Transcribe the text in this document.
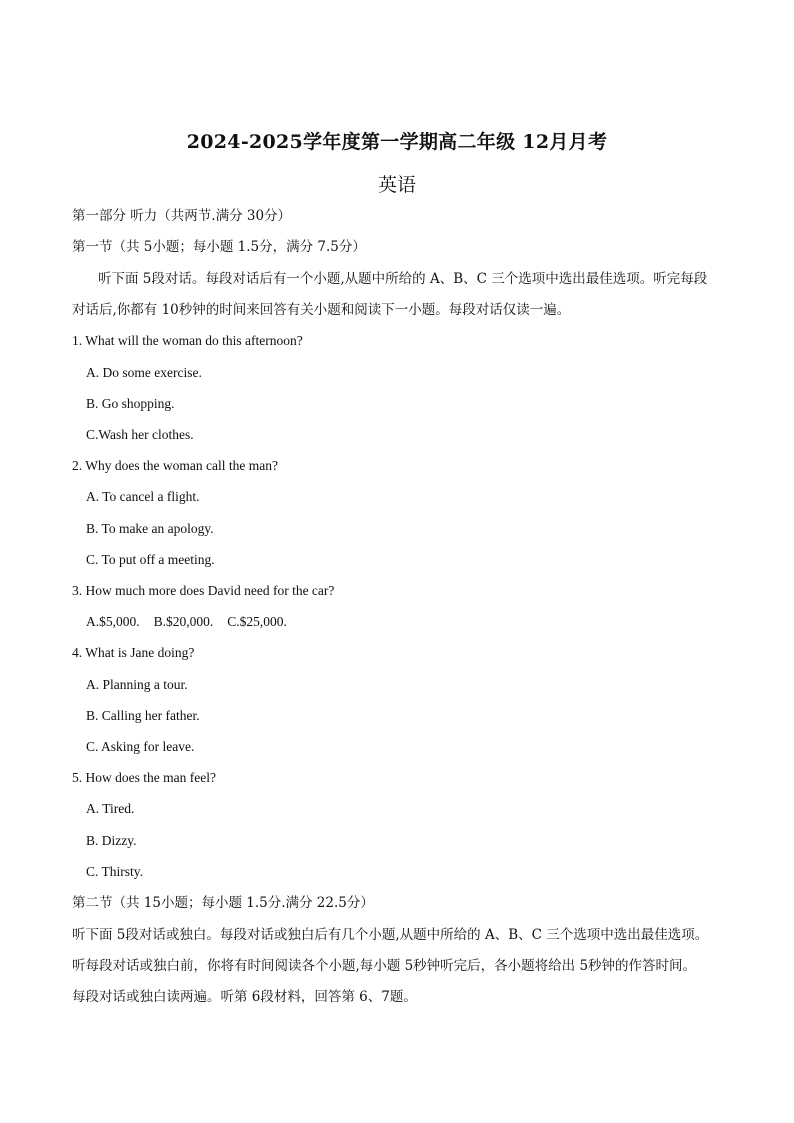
2024-2025学年度第一学期高二年级 12月月考
英语
第一部分 听力（共两节.满分 30分）
第一节（共 5小题；每小题 1.5分，满分 7.5分）
听下面 5段对话。每段对话后有一个小题,从题中所给的 A、B、C 三个选项中选出最佳选项。听完每段
对话后,你都有 10秒钟的时间来回答有关小题和阅读下一小题。每段对话仅读一遍。
1. What will the woman do this afternoon?
A. Do some exercise.
B. Go shopping.
C.Wash her clothes.
2. Why does the woman call the man?
A. To cancel a flight.
B. To make an apology.
C. To put off a meeting.
3. How much more does David need for the car?
A.$5,000. B.$20,000. C.$25,000.
4. What is Jane doing?
A. Planning a tour.
B. Calling her father.
C. Asking for leave.
5. How does the man feel?
A. Tired.
B. Dizzy.
C. Thirsty.
第二节（共 15小题；每小题 1.5分.满分 22.5分）
听下面 5段对话或独白。每段对话或独白后有几个小题,从题中所给的 A、B、C 三个选项中选出最佳选项。
听每段对话或独白前，你将有时间阅读各个小题,每小题 5秒钟听完后，各小题将给出 5秒钟的作答时间。
每段对话或独白读两遍。听第 6段材料，回答第 6、7题。
